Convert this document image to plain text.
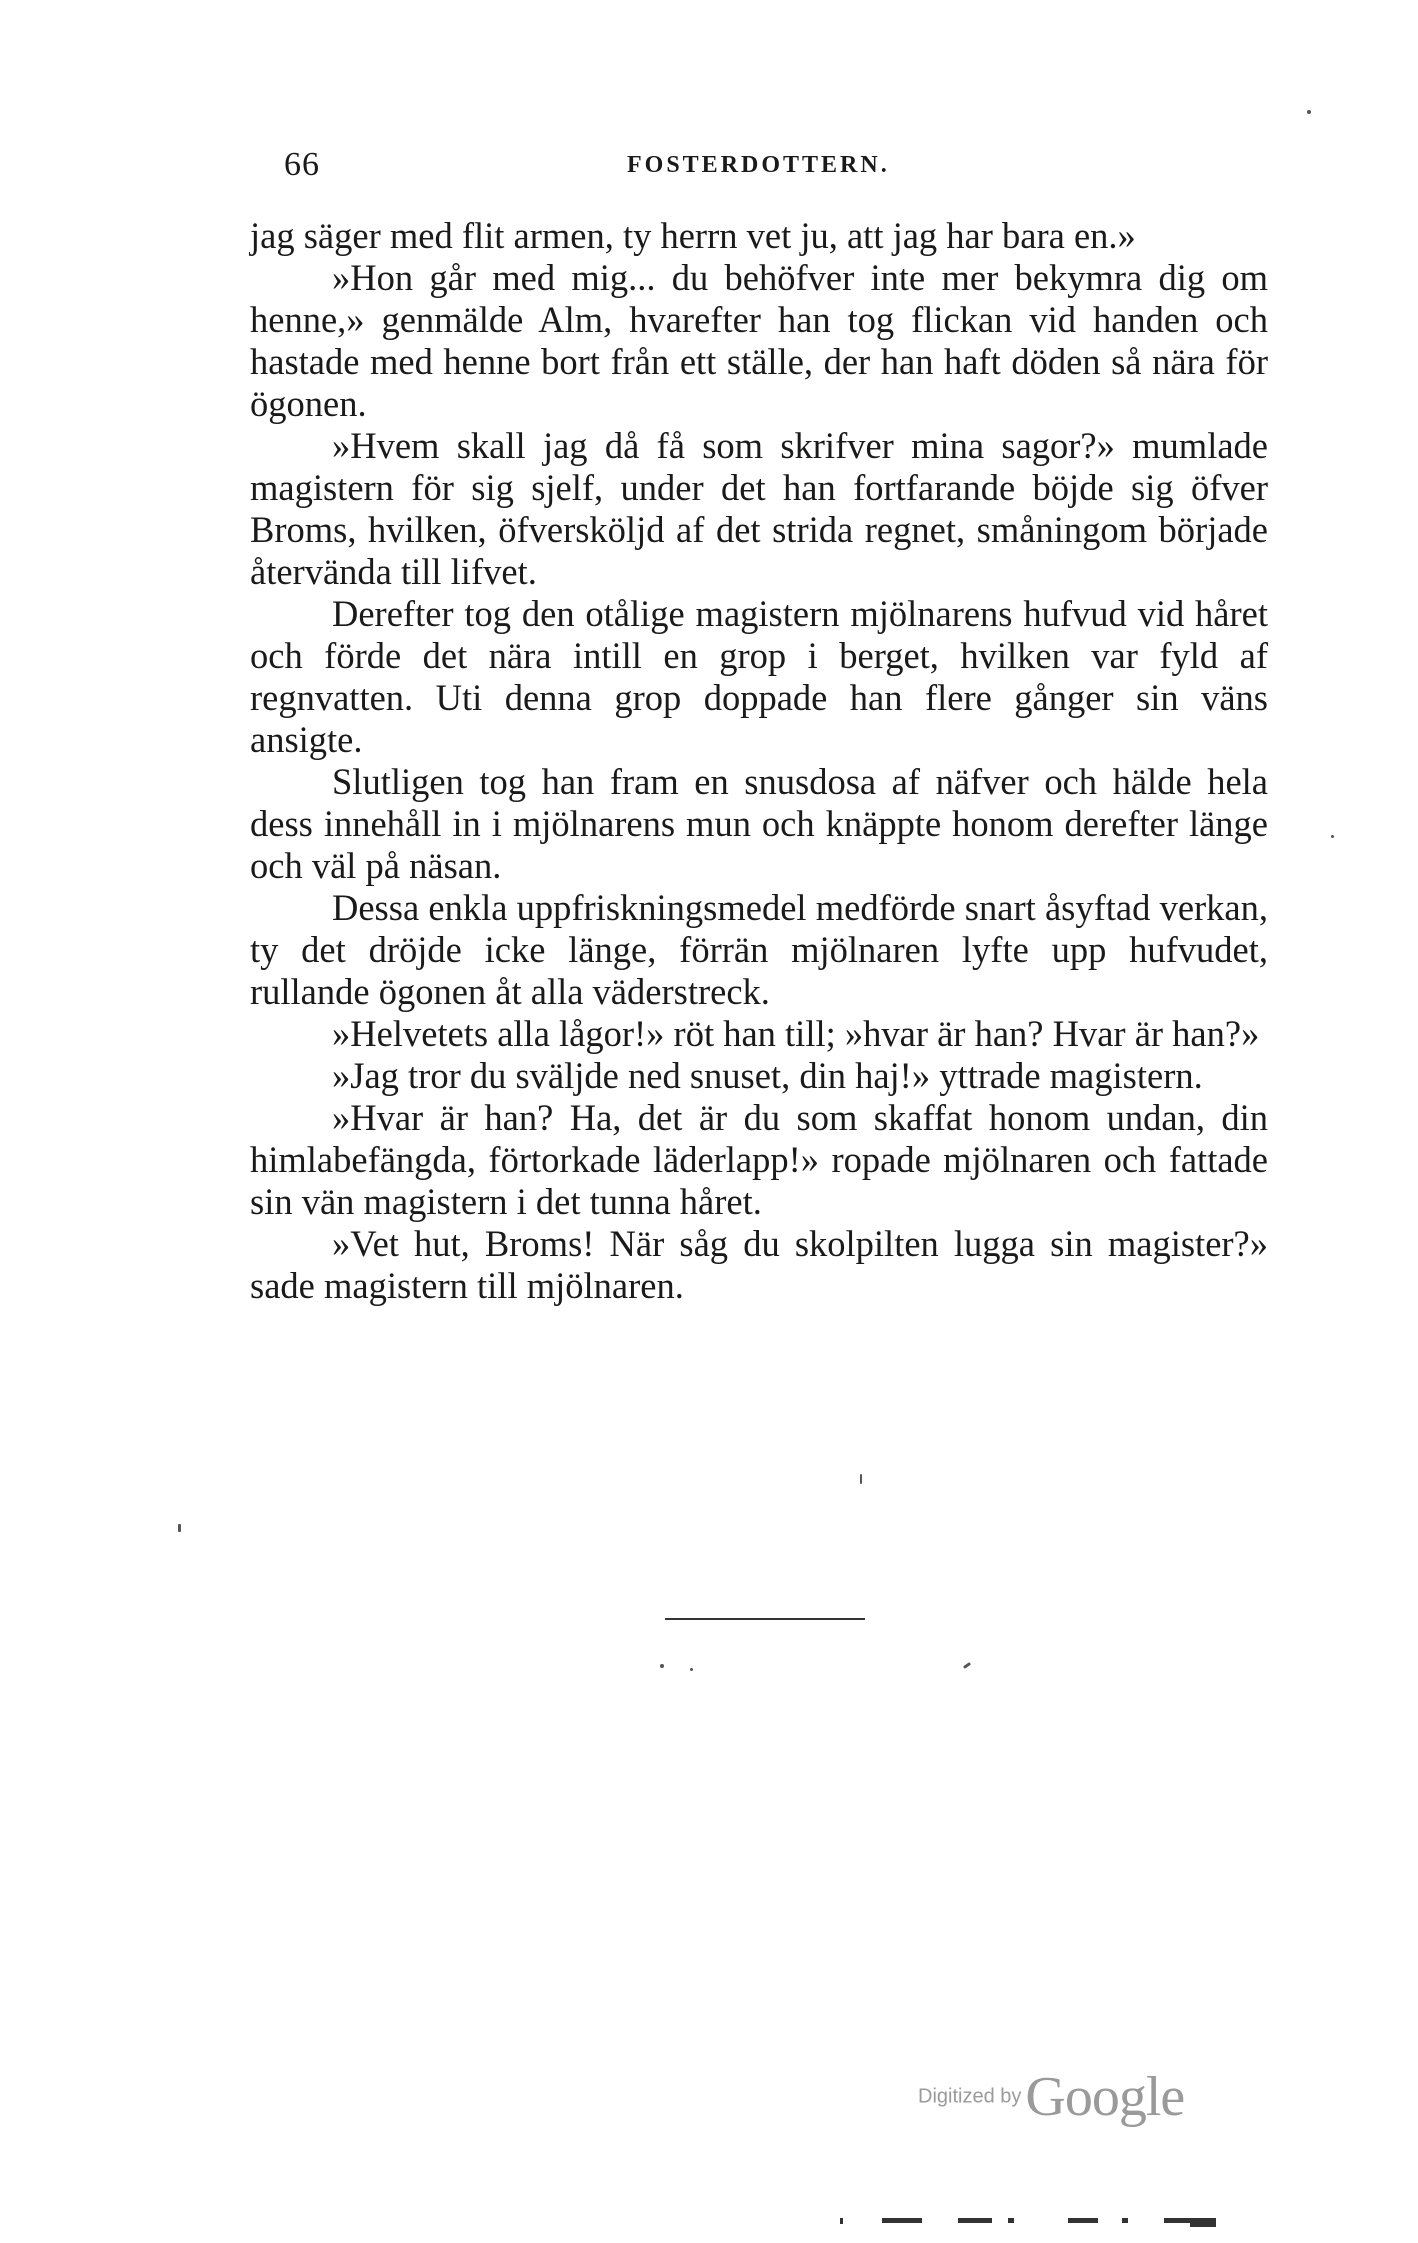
66	FOSTERDOTTERN.

jag säger med flit armen, ty herrn vet ju, att jag har bara en.»

»Hon går med mig... du behöfver inte mer bekymra dig om henne,» genmälde Alm, hvarefter han tog flickan vid handen och hastade med henne bort från ett ställe, der han haft döden så nära för ögonen.

»Hvem skall jag då få som skrifver mina sagor?» mumlade magistern för sig sjelf, under det han fortfarande böjde sig öfver Broms, hvilken, öfversköljd af det strida regnet, småningom började återvända till lifvet.

Derefter tog den otålige magistern mjölnarens hufvud vid håret och förde det nära intill en grop i berget, hvilken var fyld af regnvatten. Uti denna grop doppade han flere gånger sin väns ansigte.

Slutligen tog han fram en snusdosa af näfver och hälde hela dess innehåll in i mjölnarens mun och knäppte honom derefter länge och väl på näsan.

Dessa enkla uppfriskningsmedel medförde snart åsyftad verkan, ty det dröjde icke länge, förrän mjölnaren lyfte upp hufvudet, rullande ögonen åt alla väderstreck.

»Helvetets alla lågor!» röt han till; »hvar är han? Hvar är han?»

»Jag tror du sväljde ned snuset, din haj!» yttrade magistern.

»Hvar är han? Ha, det är du som skaffat honom undan, din himlabefängda, förtorkade läderlapp!» ropade mjölnaren och fattade sin vän magistern i det tunna håret.

»Vet hut, Broms! När såg du skolpilten lugga sin magister?» sade magistern till mjölnaren.

Digitized by Google
